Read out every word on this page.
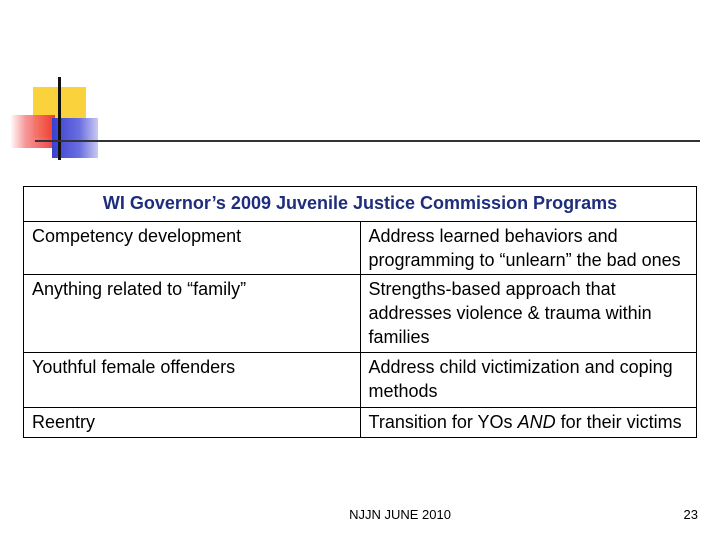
WI Governor’s 2009 Juvenile Justice Commission Programs	
Competency development	Address learned behaviors and programming to “unlearn” the bad ones
Anything related to “family”	Strengths-based approach that addresses violence & trauma within families
Youthful female offenders	Address child victimization and coping methods
Reentry	Transition for YOs AND for their victims
NJJN JUNE 2010	23
